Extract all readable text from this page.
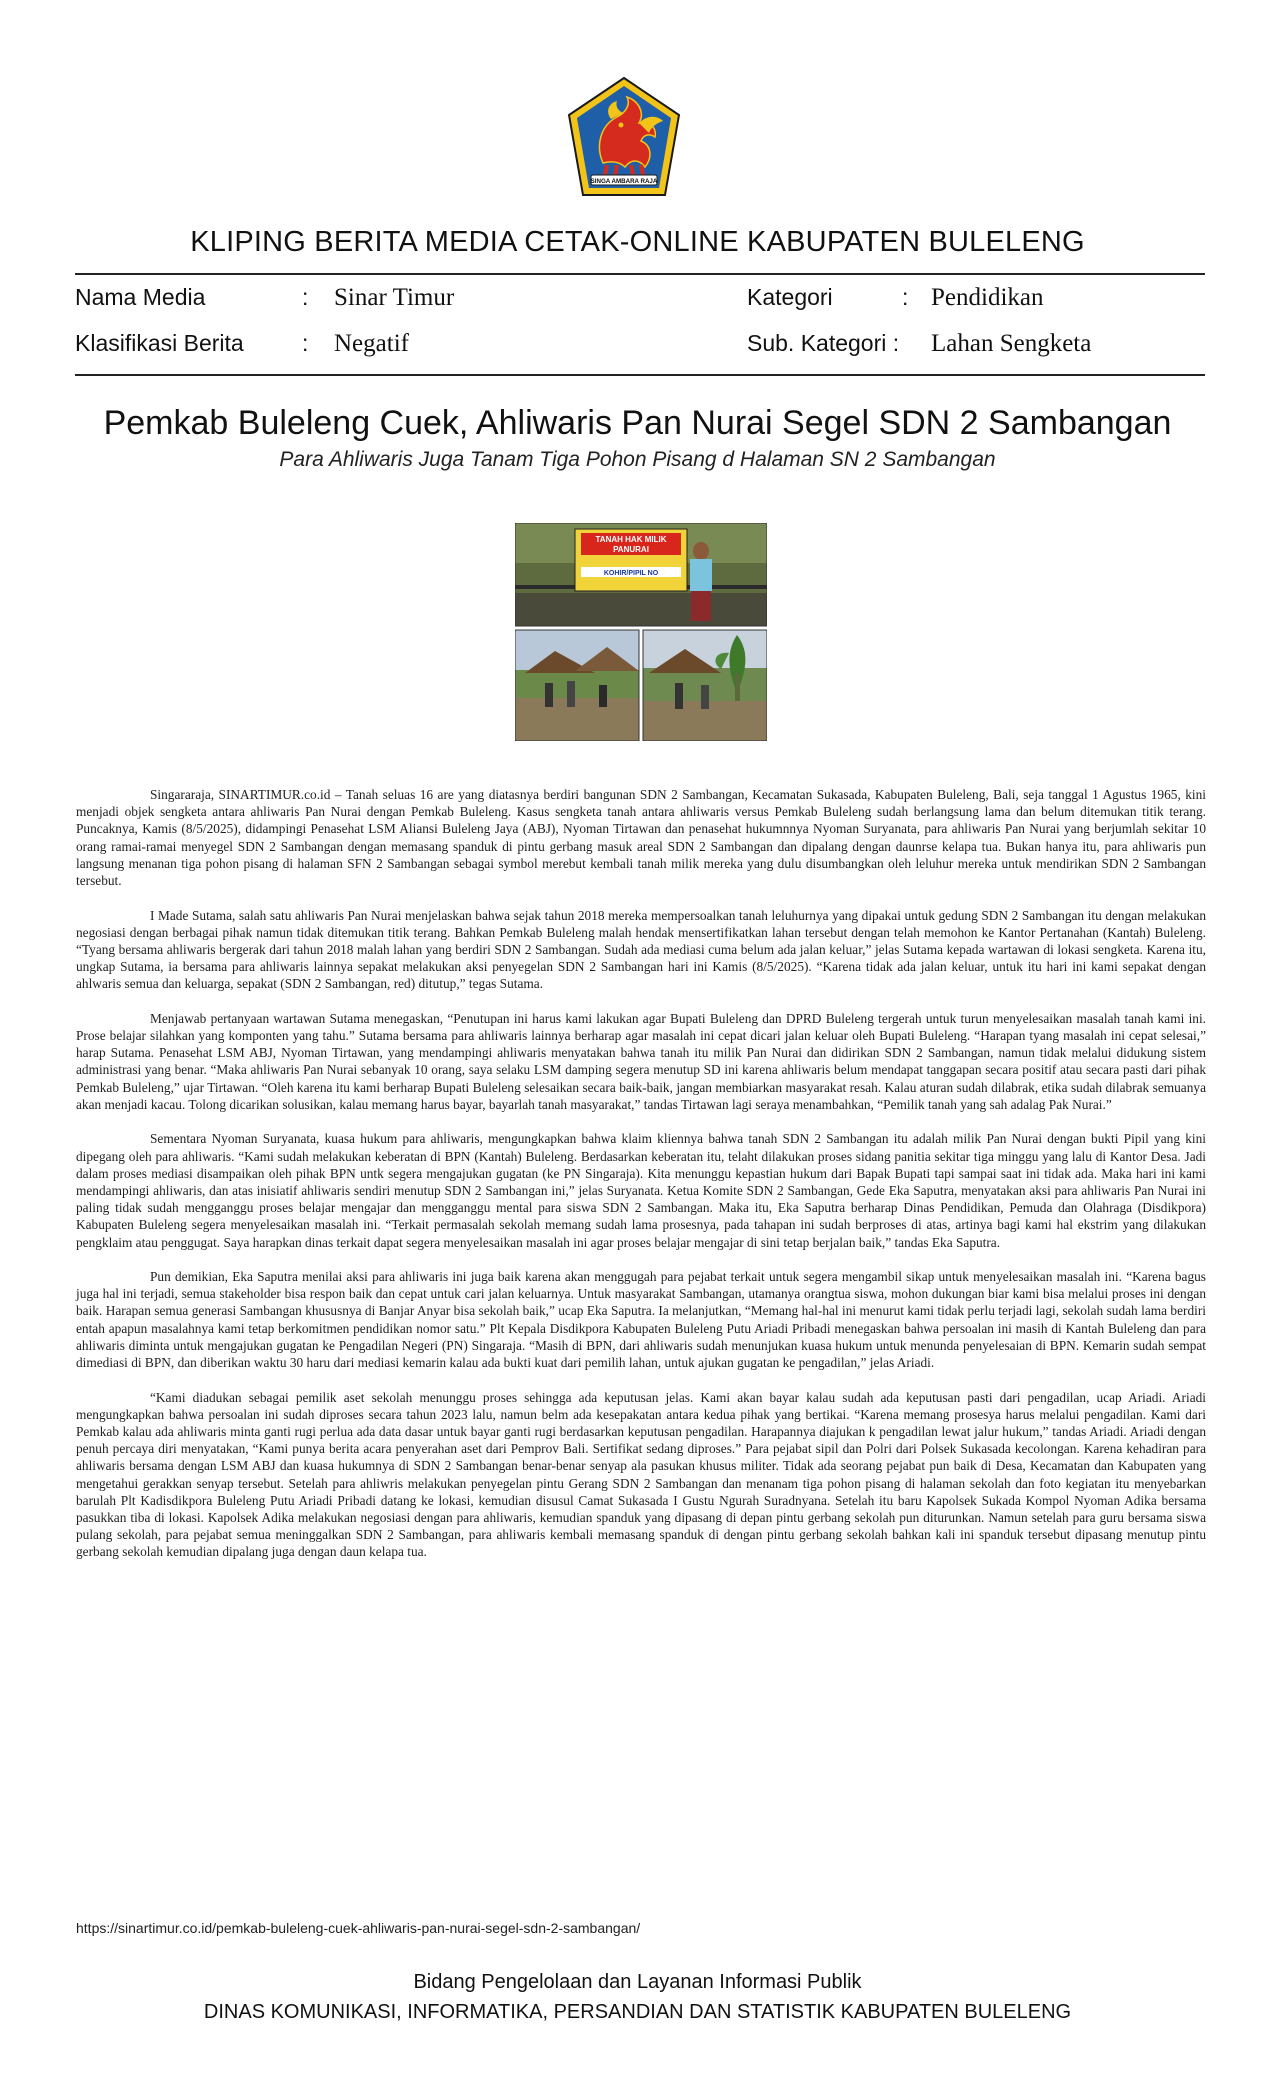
SINGA AMBARA RAJA
KLIPING BERITA MEDIA CETAK-ONLINE KABUPATEN BULELENG
Nama Media	: Sinar Timur	Kategori	: Pendidikan
Klasifikasi Berita	: Negatif	Sub. Kategori : Lahan Sengketa
Pemkab Buleleng Cuek, Ahliwaris Pan Nurai Segel SDN 2 Sambangan
Para Ahliwaris Juga Tanam Tiga Pohon Pisang d Halaman SN 2 Sambangan
TANAH HAK MILIK
PANURAI
KOHIR/PIPIL NO

Singararaja, SINARTIMUR.co.id – Tanah seluas 16 are yang diatasnya berdiri bangunan SDN 2 Sambangan, Kecamatan Sukasada, Kabupaten Buleleng, Bali, seja tanggal 1 Agustus 1965, kini menjadi objek sengketa antara ahliwaris Pan Nurai dengan Pemkab Buleleng. Kasus sengketa tanah antara ahliwaris versus Pemkab Buleleng sudah berlangsung lama dan belum ditemukan titik terang. Puncaknya, Kamis (8/5/2025), didampingi Penasehat LSM Aliansi Buleleng Jaya (ABJ), Nyoman Tirtawan dan penasehat hukumnnya Nyoman Suryanata, para ahliwaris Pan Nurai yang berjumlah sekitar 10 orang ramai-ramai menyegel SDN 2 Sambangan dengan memasang spanduk di pintu gerbang masuk areal SDN 2 Sambangan dan dipalang dengan daunrse kelapa tua. Bukan hanya itu, para ahliwaris pun langsung menanan tiga pohon pisang di halaman SFN 2 Sambangan sebagai symbol merebut kembali tanah milik mereka yang dulu disumbangkan oleh leluhur mereka untuk mendirikan SDN 2 Sambangan tersebut.

I Made Sutama, salah satu ahliwaris Pan Nurai menjelaskan bahwa sejak tahun 2018 mereka mempersoalkan tanah leluhurnya yang dipakai untuk gedung SDN 2 Sambangan itu dengan melakukan negosiasi dengan berbagai pihak namun tidak ditemukan titik terang. Bahkan Pemkab Buleleng malah hendak mensertifikatkan lahan tersebut dengan telah memohon ke Kantor Pertanahan (Kantah) Buleleng. “Tyang bersama ahliwaris bergerak dari tahun 2018 malah lahan yang berdiri SDN 2 Sambangan. Sudah ada mediasi cuma belum ada jalan keluar,” jelas Sutama kepada wartawan di lokasi sengketa. Karena itu, ungkap Sutama, ia bersama para ahliwaris lainnya sepakat melakukan aksi penyegelan SDN 2 Sambangan hari ini Kamis (8/5/2025). “Karena tidak ada jalan keluar, untuk itu hari ini kami sepakat dengan ahlwaris semua dan keluarga, sepakat (SDN 2 Sambangan, red) ditutup,” tegas Sutama.

Menjawab pertanyaan wartawan Sutama menegaskan, “Penutupan ini harus kami lakukan agar Bupati Buleleng dan DPRD Buleleng tergerah untuk turun menyelesaikan masalah tanah kami ini. Prose belajar silahkan yang komponten yang tahu.” Sutama bersama para ahliwaris lainnya berharap agar masalah ini cepat dicari jalan keluar oleh Bupati Buleleng. “Harapan tyang masalah ini cepat selesai,” harap Sutama. Penasehat LSM ABJ, Nyoman Tirtawan, yang mendampingi ahliwaris menyatakan bahwa tanah itu milik Pan Nurai dan didirikan SDN 2 Sambangan, namun tidak melalui didukung sistem administrasi yang benar. “Maka ahliwaris Pan Nurai sebanyak 10 orang, saya selaku LSM damping segera menutup SD ini karena ahliwaris belum mendapat tanggapan secara positif atau secara pasti dari pihak Pemkab Buleleng,” ujar Tirtawan. “Oleh karena itu kami berharap Bupati Buleleng selesaikan secara baik-baik, jangan membiarkan masyarakat resah. Kalau aturan sudah dilabrak, etika sudah dilabrak semuanya akan menjadi kacau. Tolong dicarikan solusikan, kalau memang harus bayar, bayarlah tanah masyarakat,” tandas Tirtawan lagi seraya menambahkan, “Pemilik tanah yang sah adalag Pak Nurai.”

Sementara Nyoman Suryanata, kuasa hukum para ahliwaris, mengungkapkan bahwa klaim kliennya bahwa tanah SDN 2 Sambangan itu adalah milik Pan Nurai dengan bukti Pipil yang kini dipegang oleh para ahliwaris. “Kami sudah melakukan keberatan di BPN (Kantah) Buleleng. Berdasarkan keberatan itu, telaht dilakukan proses sidang panitia sekitar tiga minggu yang lalu di Kantor Desa. Jadi dalam proses mediasi disampaikan oleh pihak BPN untk segera mengajukan gugatan (ke PN Singaraja). Kita menunggu kepastian hukum dari Bapak Bupati tapi sampai saat ini tidak ada. Maka hari ini kami mendampingi ahliwaris, dan atas inisiatif ahliwaris sendiri menutup SDN 2 Sambangan ini,” jelas Suryanata. Ketua Komite SDN 2 Sambangan, Gede Eka Saputra, menyatakan aksi para ahliwaris Pan Nurai ini paling tidak sudah mengganggu proses belajar mengajar dan mengganggu mental para siswa SDN 2 Sambangan. Maka itu, Eka Saputra berharap Dinas Pendidikan, Pemuda dan Olahraga (Disdikpora) Kabupaten Buleleng segera menyelesaikan masalah ini. “Terkait permasalah sekolah memang sudah lama prosesnya, pada tahapan ini sudah berproses di atas, artinya bagi kami hal ekstrim yang dilakukan pengklaim atau penggugat. Saya harapkan dinas terkait dapat segera menyelesaikan masalah ini agar proses belajar mengajar di sini tetap berjalan baik,” tandas Eka Saputra.

Pun demikian, Eka Saputra menilai aksi para ahliwaris ini juga baik karena akan menggugah para pejabat terkait untuk segera mengambil sikap untuk menyelesaikan masalah ini. “Karena bagus juga hal ini terjadi, semua stakeholder bisa respon baik dan cepat untuk cari jalan keluarnya. Untuk masyarakat Sambangan, utamanya orangtua siswa, mohon dukungan biar kami bisa melalui proses ini dengan baik. Harapan semua generasi Sambangan khususnya di Banjar Anyar bisa sekolah baik,” ucap Eka Saputra. Ia melanjutkan, “Memang hal-hal ini menurut kami tidak perlu terjadi lagi, sekolah sudah lama berdiri entah apapun masalahnya kami tetap berkomitmen pendidikan nomor satu.” Plt Kepala Disdikpora Kabupaten Buleleng Putu Ariadi Pribadi menegaskan bahwa persoalan ini masih di Kantah Buleleng dan para ahliwaris diminta untuk mengajukan gugatan ke Pengadilan Negeri (PN) Singaraja. “Masih di BPN, dari ahliwaris sudah menunjukan kuasa hukum untuk menunda penyelesaian di BPN. Kemarin sudah sempat dimediasi di BPN, dan diberikan waktu 30 haru dari mediasi kemarin kalau ada bukti kuat dari pemilih lahan, untuk ajukan gugatan ke pengadilan,” jelas Ariadi.

“Kami diadukan sebagai pemilik aset sekolah menunggu proses sehingga ada keputusan jelas. Kami akan bayar kalau sudah ada keputusan pasti dari pengadilan, ucap Ariadi. Ariadi mengungkapkan bahwa persoalan ini sudah diproses secara tahun 2023 lalu, namun belm ada kesepakatan antara kedua pihak yang bertikai. “Karena memang prosesya harus melalui pengadilan. Kami dari Pemkab kalau ada ahliwaris minta ganti rugi perlua ada data dasar untuk bayar ganti rugi berdasarkan keputusan pengadilan. Harapannya diajukan k pengadilan lewat jalur hukum,” tandas Ariadi. Ariadi dengan penuh percaya diri menyatakan, “Kami punya berita acara penyerahan aset dari Pemprov Bali. Sertifikat sedang diproses.” Para pejabat sipil dan Polri dari Polsek Sukasada kecolongan. Karena kehadiran para ahliwaris bersama dengan LSM ABJ dan kuasa hukumnya di SDN 2 Sambangan benar-benar senyap ala pasukan khusus militer. Tidak ada seorang pejabat pun baik di Desa, Kecamatan dan Kabupaten yang mengetahui gerakkan senyap tersebut. Setelah para ahliwris melakukan penyegelan pintu Gerang SDN 2 Sambangan dan menanam tiga pohon pisang di halaman sekolah dan foto kegiatan itu menyebarkan barulah Plt Kadisdikpora Buleleng Putu Ariadi Pribadi datang ke lokasi, kemudian disusul Camat Sukasada I Gustu Ngurah Suradnyana. Setelah itu baru Kapolsek Sukada Kompol Nyoman Adika bersama pasukkan tiba di lokasi. Kapolsek Adika melakukan negosiasi dengan para ahliwaris, kemudian spanduk yang dipasang di depan pintu gerbang sekolah pun diturunkan. Namun setelah para guru bersama siswa pulang sekolah, para pejabat semua meninggalkan SDN 2 Sambangan, para ahliwaris kembali memasang spanduk di dengan pintu gerbang sekolah bahkan kali ini spanduk tersebut dipasang menutup pintu gerbang sekolah kemudian dipalang juga dengan daun kelapa tua.

https://sinartimur.co.id/pemkab-buleleng-cuek-ahliwaris-pan-nurai-segel-sdn-2-sambangan/
Bidang Pengelolaan dan Layanan Informasi Publik
DINAS KOMUNIKASI, INFORMATIKA, PERSANDIAN DAN STATISTIK KABUPATEN BULELENG
